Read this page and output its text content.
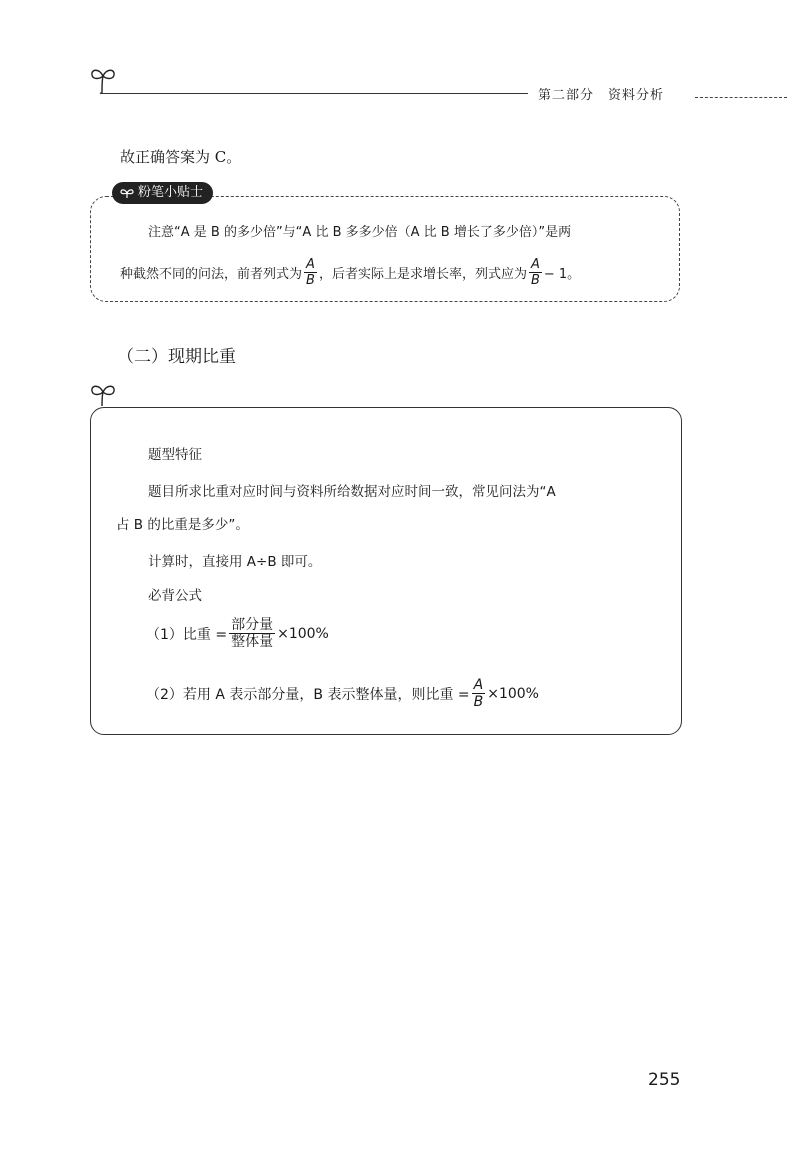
第二部分　资料分析
故正确答案为 C。
粉笔小贴士
注意“A 是 B 的多少倍”与“A 比 B 多多少倍（A 比 B 增长了多少倍）”是两
种截然不同的问法，前者列式为 $\frac{A}{B}$ ，后者实际上是求增长率，列式应为 $\frac{A}{B} - 1$。
（二）现期比重
题型特征
题目所求比重对应时间与资料所给数据对应时间一致，常见问法为“A
占 B 的比重是多少”。
计算时，直接用 A÷B 即可。
必背公式
（1）比重 = $\frac{\text{部分量}}{\text{整体量}} \times 100\%$
（2）若用 A 表示部分量，B 表示整体量，则比重 = $\frac{A}{B} \times 100\%$
255
